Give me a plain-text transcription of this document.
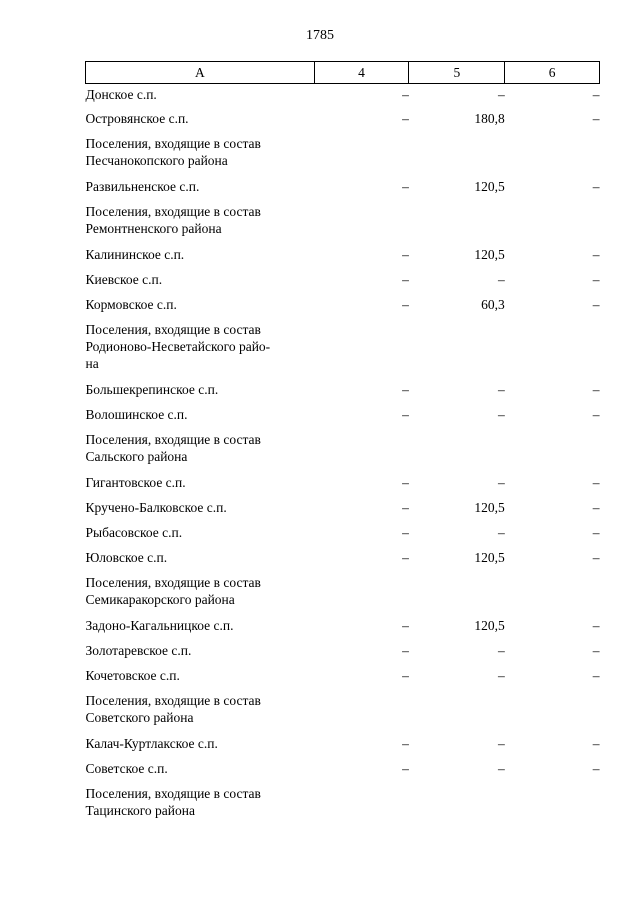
1785
A	4	5	6
Донское с.п.	–	–	–
Островянское с.п.	–	180,8	–

Поселения, входящие в состав
Песчанокопского района			

Развильненское с.п.	–	120,5	–

Поселения, входящие в состав
Ремонтненского района			

Калининское с.п.	–	120,5	–
Киевское с.п.	–	–	–
Кормовское с.п.	–	60,3	–

Поселения, входящие в состав
Родионово-Несветайского райо-
на			

Большекрепинское с.п.	–	–	–
Волошинское с.п.	–	–	–

Поселения, входящие в состав
Сальского района			

Гигантовское с.п.	–	–	–
Кручено-Балковское с.п.	–	120,5	–
Рыбасовское с.п.	–	–	–
Юловское с.п.	–	120,5	–

Поселения, входящие в состав
Семикаракорского района			

Задоно-Кагальницкое с.п.	–	120,5	–
Золотаревское с.п.	–	–	–
Кочетовское с.п.	–	–	–

Поселения, входящие в состав
Советского района			

Калач-Куртлакское с.п.	–	–	–
Советское с.п.	–	–	–

Поселения, входящие в состав
Тацинского района			
